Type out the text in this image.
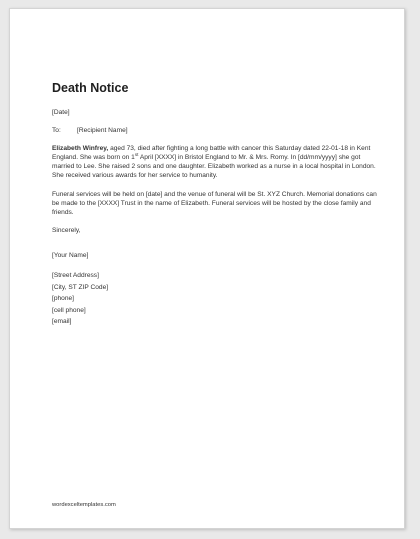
Death Notice
[Date]
To:	[Recipient Name]
Elizabeth Winfrey, aged 73, died after fighting a long battle with cancer this Saturday dated 22-01-18 in Kent England. She was born on 1st April [XXXX] in Bristol England to Mr. & Mrs. Romy. In [dd/mm/yyyy] she got married to Lee. She raised 2 sons and one daughter. Elizabeth worked as a nurse in a local hospital in London. She received various awards for her service to humanity.
Funeral services will be held on [date] and the venue of funeral will be St. XYZ Church. Memorial donations can be made to the [XXXX] Trust in the name of Elizabeth. Funeral services will be hosted by the close family and friends.
Sincerely,
[Your Name]
[Street Address]
[City, ST ZIP Code]
[phone]
[cell phone]
[email]
wordexceltemplates.com
